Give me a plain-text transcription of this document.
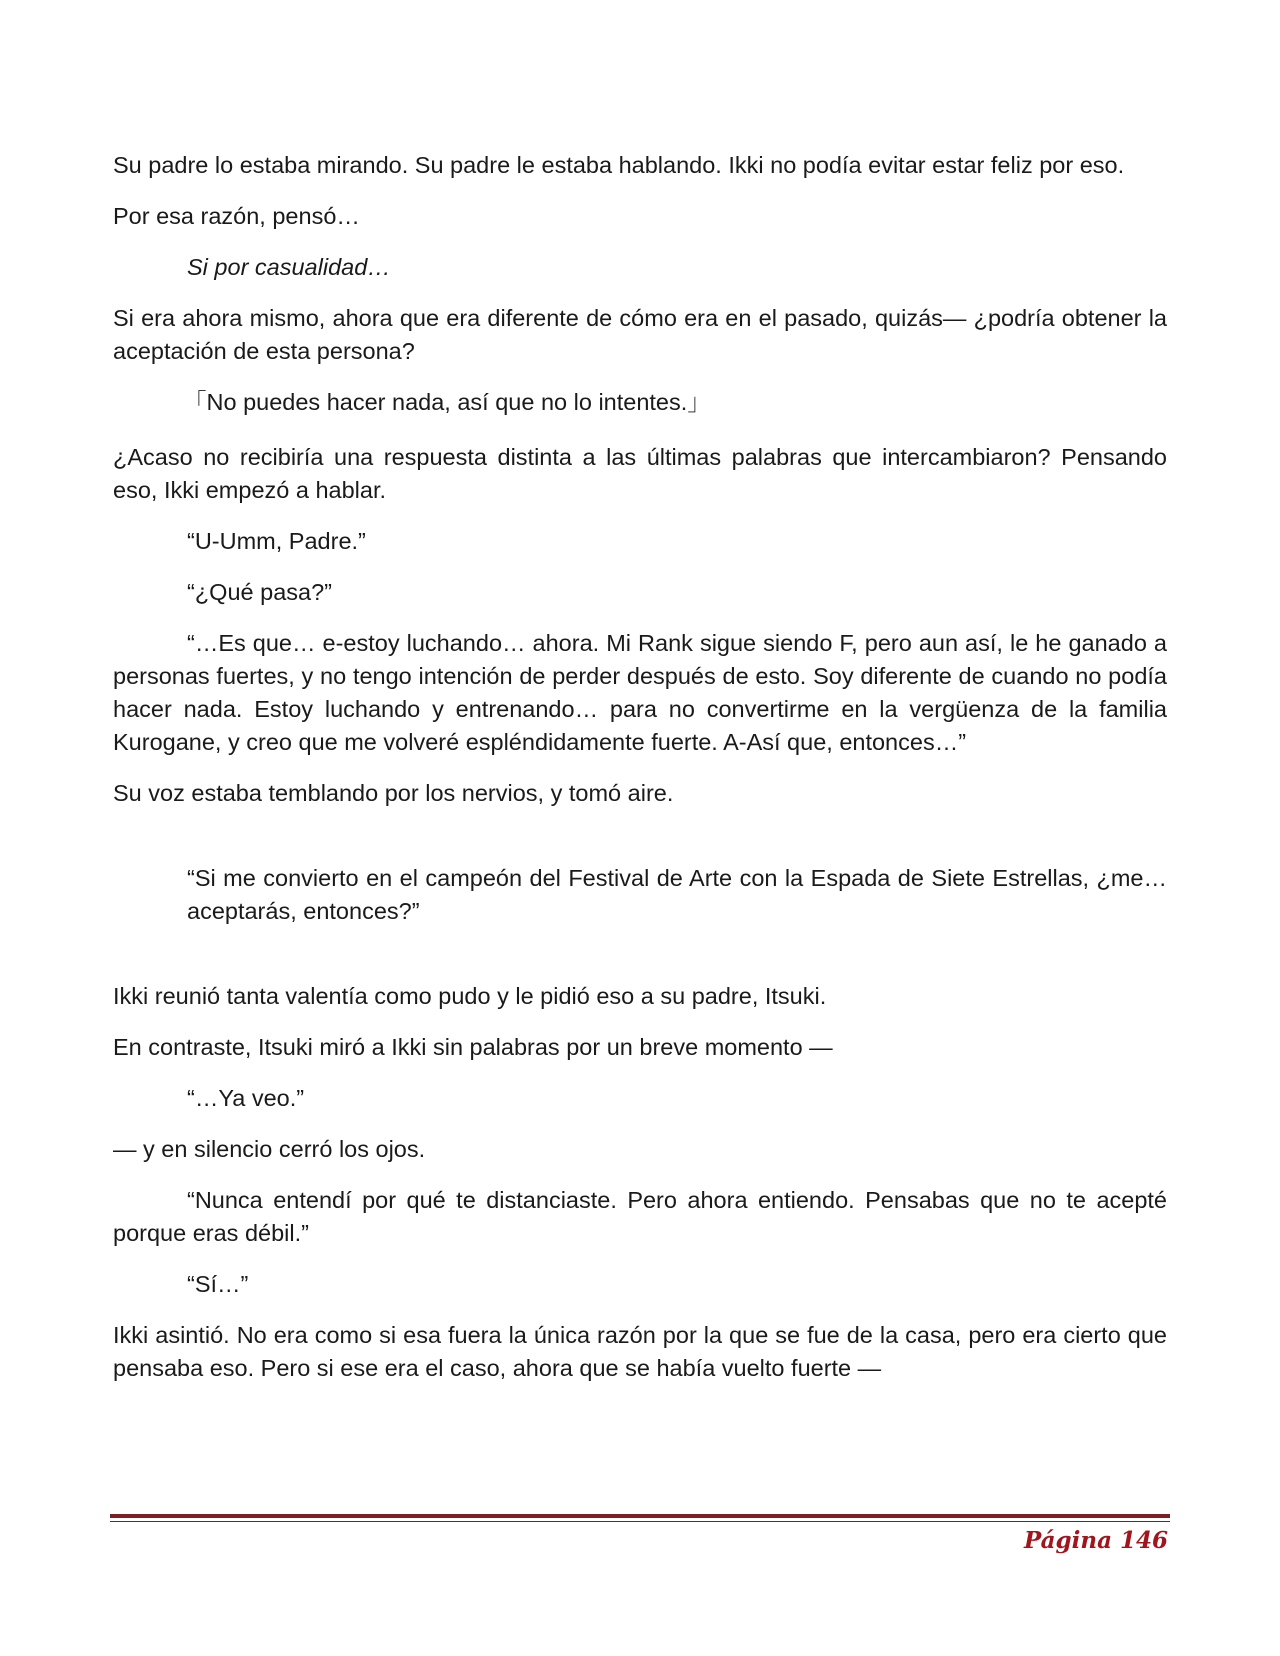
Su padre lo estaba mirando. Su padre le estaba hablando. Ikki no podía evitar estar feliz por eso.

Por esa razón, pensó…

Si por casualidad…

Si era ahora mismo, ahora que era diferente de cómo era en el pasado, quizás— ¿podría obtener la aceptación de esta persona?

「No puedes hacer nada, así que no lo intentes.」

¿Acaso no recibiría una respuesta distinta a las últimas palabras que intercambiaron? Pensando eso, Ikki empezó a hablar.

“U-Umm, Padre.”

“¿Qué pasa?”

“…Es que… e-estoy luchando… ahora. Mi Rank sigue siendo F, pero aun así, le he ganado a personas fuertes, y no tengo intención de perder después de esto. Soy diferente de cuando no podía hacer nada. Estoy luchando y entrenando… para no convertirme en la vergüenza de la familia Kurogane, y creo que me volveré espléndidamente fuerte. A-Así que, entonces…”

Su voz estaba temblando por los nervios, y tomó aire.

“Si me convierto en el campeón del Festival de Arte con la Espada de Siete Estrellas, ¿me… aceptarás, entonces?”

Ikki reunió tanta valentía como pudo y le pidió eso a su padre, Itsuki.

En contraste, Itsuki miró a Ikki sin palabras por un breve momento —

“…Ya veo.”

— y en silencio cerró los ojos.

“Nunca entendí por qué te distanciaste. Pero ahora entiendo. Pensabas que no te acepté porque eras débil.”

“Sí…”

Ikki asintió. No era como si esa fuera la única razón por la que se fue de la casa, pero era cierto que pensaba eso. Pero si ese era el caso, ahora que se había vuelto fuerte —

Página 146
